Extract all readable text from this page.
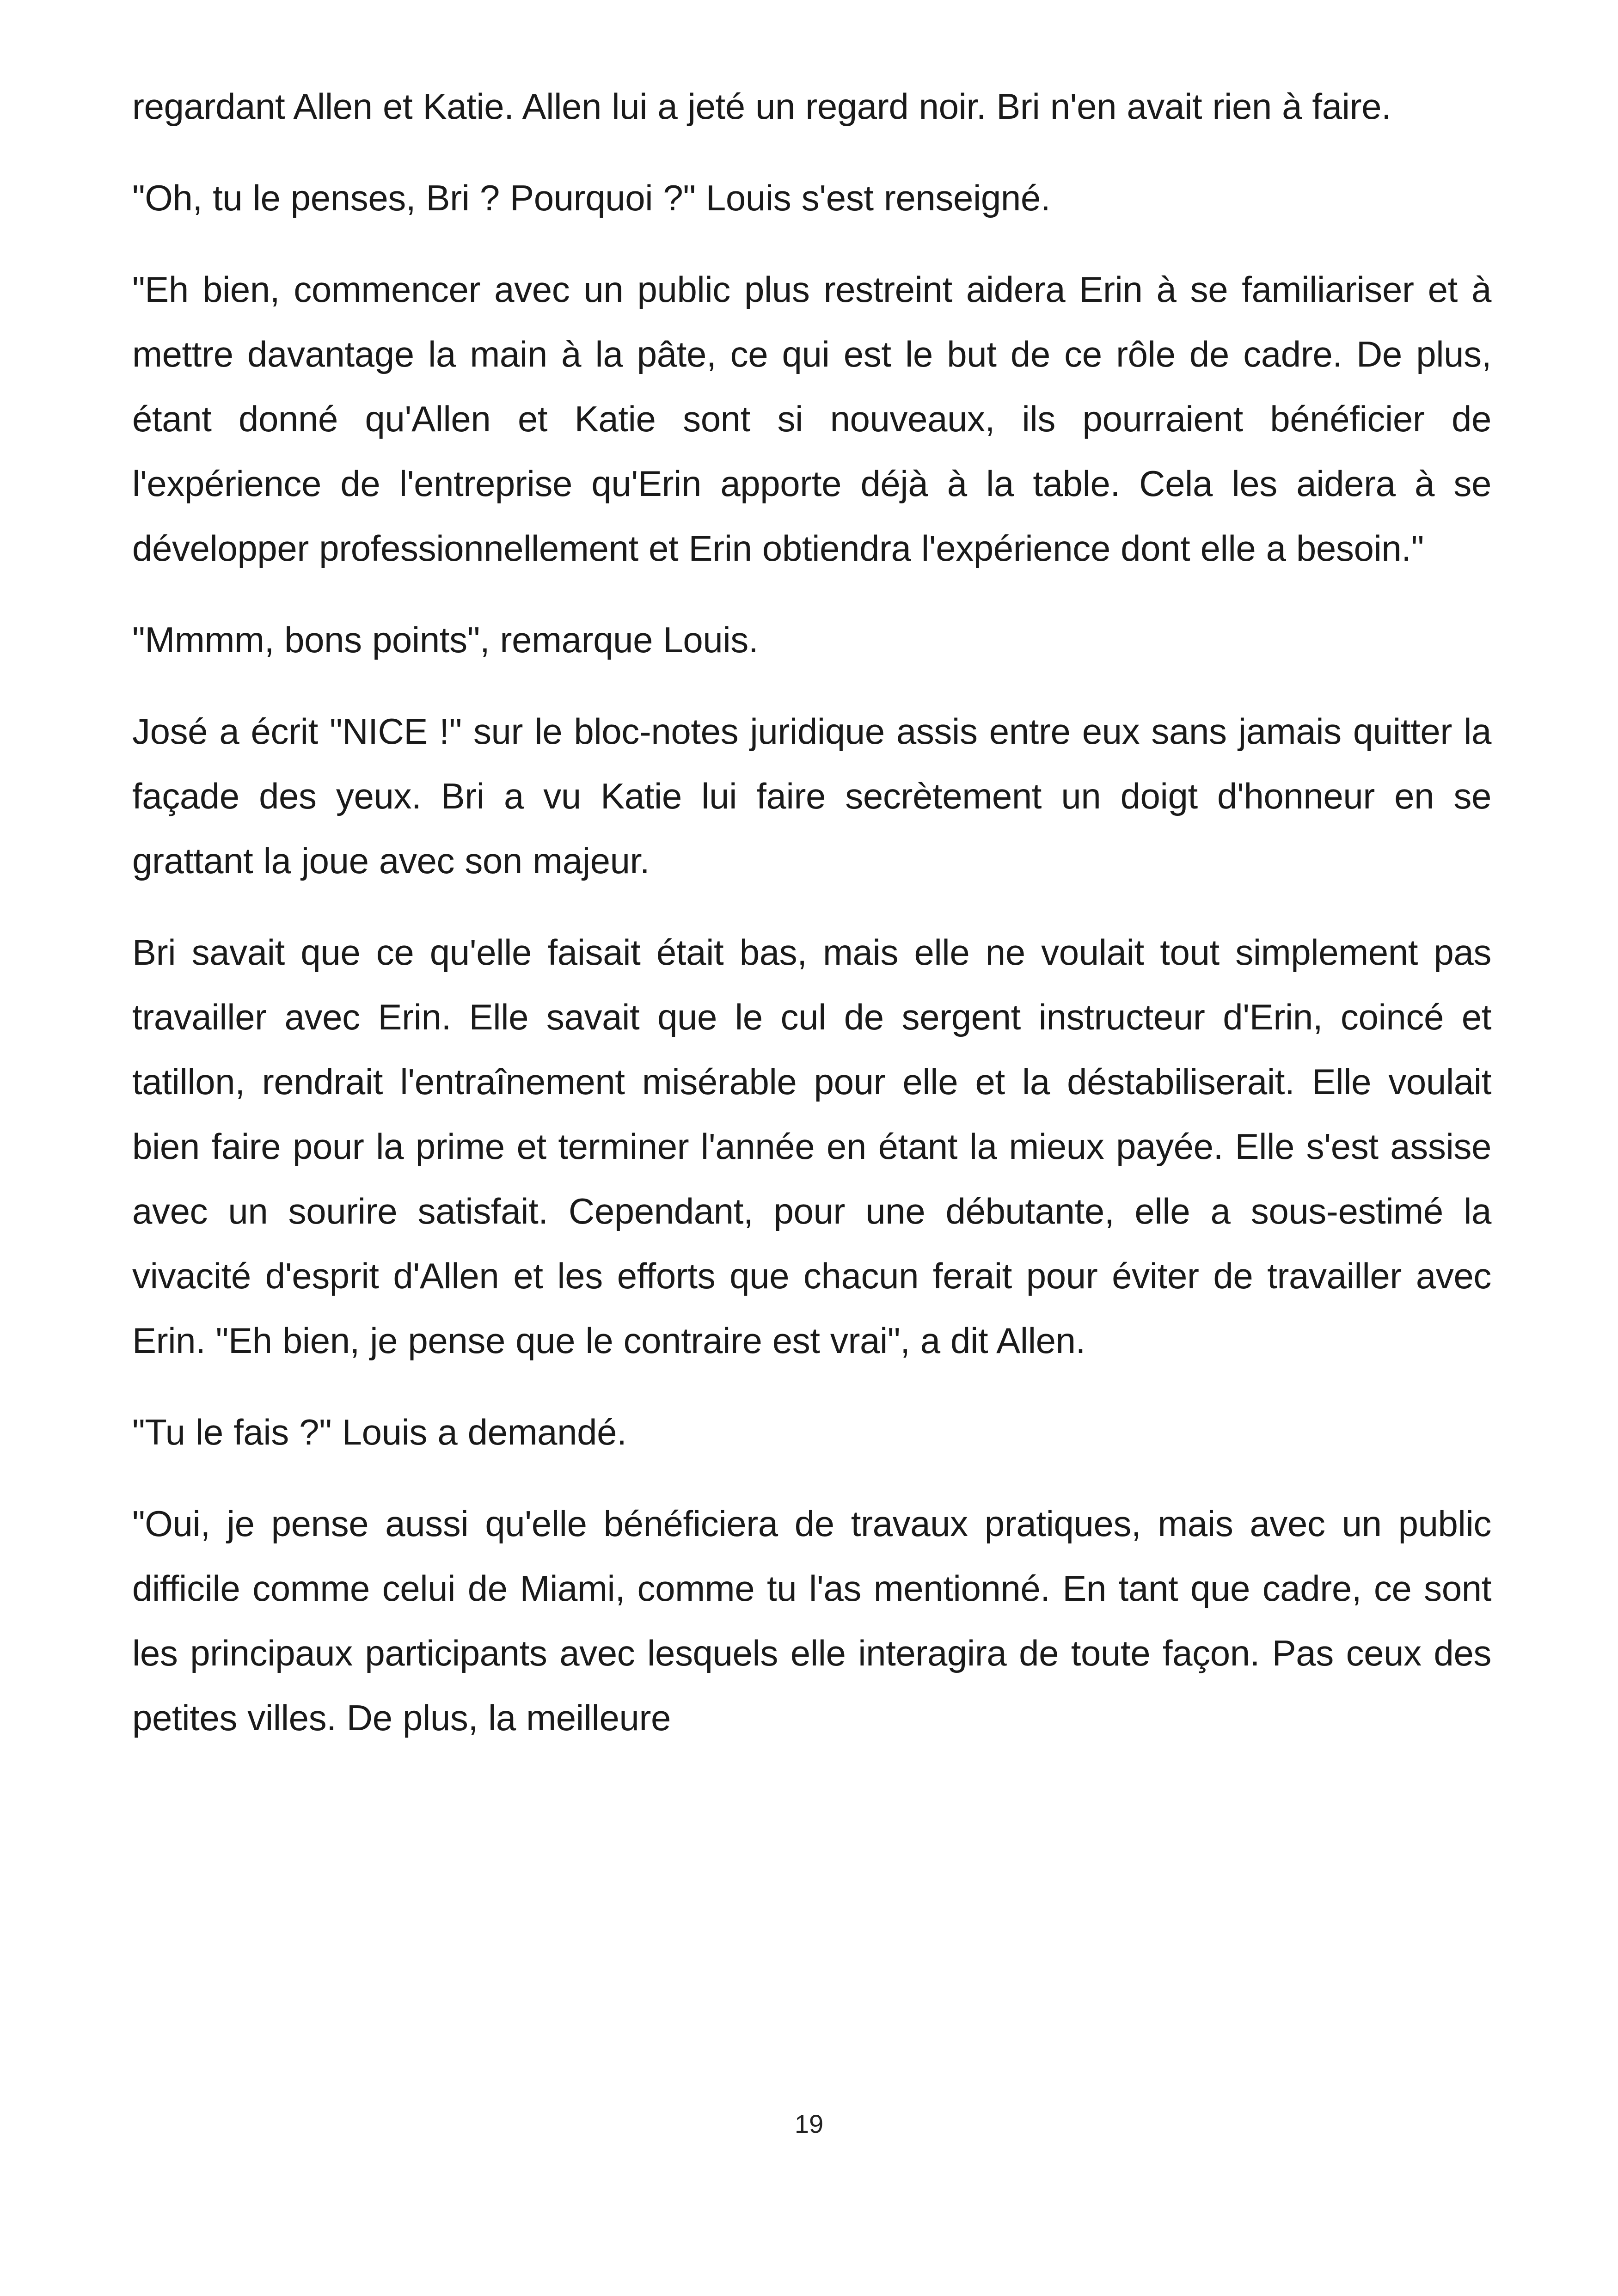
regardant Allen et Katie. Allen lui a jeté un regard noir. Bri n'en avait rien à faire.

"Oh, tu le penses, Bri ? Pourquoi ?" Louis s'est renseigné.

"Eh bien, commencer avec un public plus restreint aidera Erin à se familiariser et à mettre davantage la main à la pâte, ce qui est le but de ce rôle de cadre. De plus, étant donné qu'Allen et Katie sont si nouveaux, ils pourraient bénéficier de l'expérience de l'entreprise qu'Erin apporte déjà à la table. Cela les aidera à se développer professionnellement et Erin obtiendra l'expérience dont elle a besoin."

"Mmmm, bons points", remarque Louis.

José a écrit "NICE !" sur le bloc-notes juridique assis entre eux sans jamais quitter la façade des yeux. Bri a vu Katie lui faire secrètement un doigt d'honneur en se grattant la joue avec son majeur.

Bri savait que ce qu'elle faisait était bas, mais elle ne voulait tout simplement pas travailler avec Erin. Elle savait que le cul de sergent instructeur d'Erin, coincé et tatillon, rendrait l'entraînement misérable pour elle et la déstabiliserait. Elle voulait bien faire pour la prime et terminer l'année en étant la mieux payée. Elle s'est assise avec un sourire satisfait. Cependant, pour une débutante, elle a sous-estimé la vivacité d'esprit d'Allen et les efforts que chacun ferait pour éviter de travailler avec Erin. "Eh bien, je pense que le contraire est vrai", a dit Allen.

"Tu le fais ?" Louis a demandé.

"Oui, je pense aussi qu'elle bénéficiera de travaux pratiques, mais avec un public difficile comme celui de Miami, comme tu l'as mentionné. En tant que cadre, ce sont les principaux participants avec lesquels elle interagira de toute façon. Pas ceux des petites villes. De plus, la meilleure

19
